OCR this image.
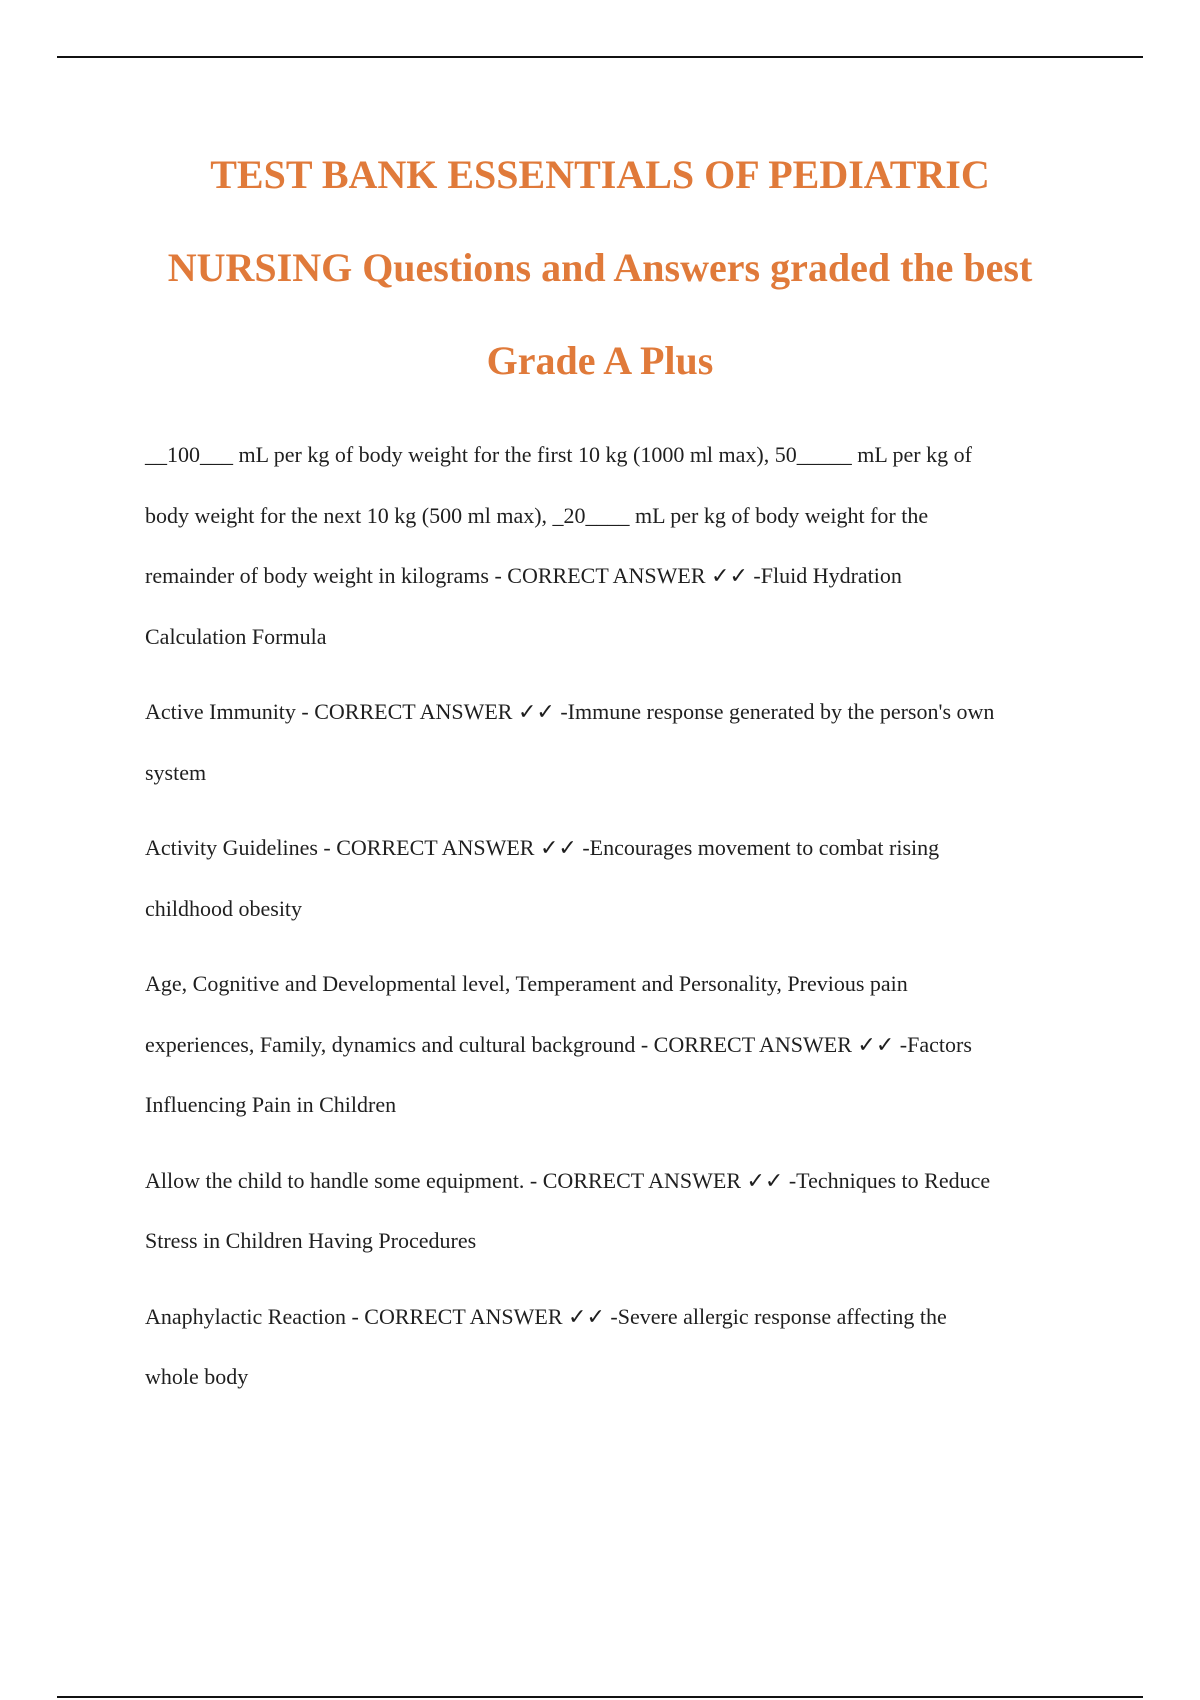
TEST BANK ESSENTIALS OF PEDIATRIC
NURSING Questions and Answers graded the best
Grade A Plus

__100___ mL per kg of body weight for the first 10 kg (1000 ml max), 50_____ mL per kg of
body weight for the next 10 kg (500 ml max), _20____ mL per kg of body weight for the
remainder of body weight in kilograms - CORRECT ANSWER ✓✓ -Fluid Hydration
Calculation Formula

Active Immunity - CORRECT ANSWER ✓✓ -Immune response generated by the person's own
system

Activity Guidelines - CORRECT ANSWER ✓✓ -Encourages movement to combat rising
childhood obesity

Age, Cognitive and Developmental level, Temperament and Personality, Previous pain
experiences, Family, dynamics and cultural background - CORRECT ANSWER ✓✓ -Factors
Influencing Pain in Children

Allow the child to handle some equipment. - CORRECT ANSWER ✓✓ -Techniques to Reduce
Stress in Children Having Procedures

Anaphylactic Reaction - CORRECT ANSWER ✓✓ -Severe allergic response affecting the
whole body
